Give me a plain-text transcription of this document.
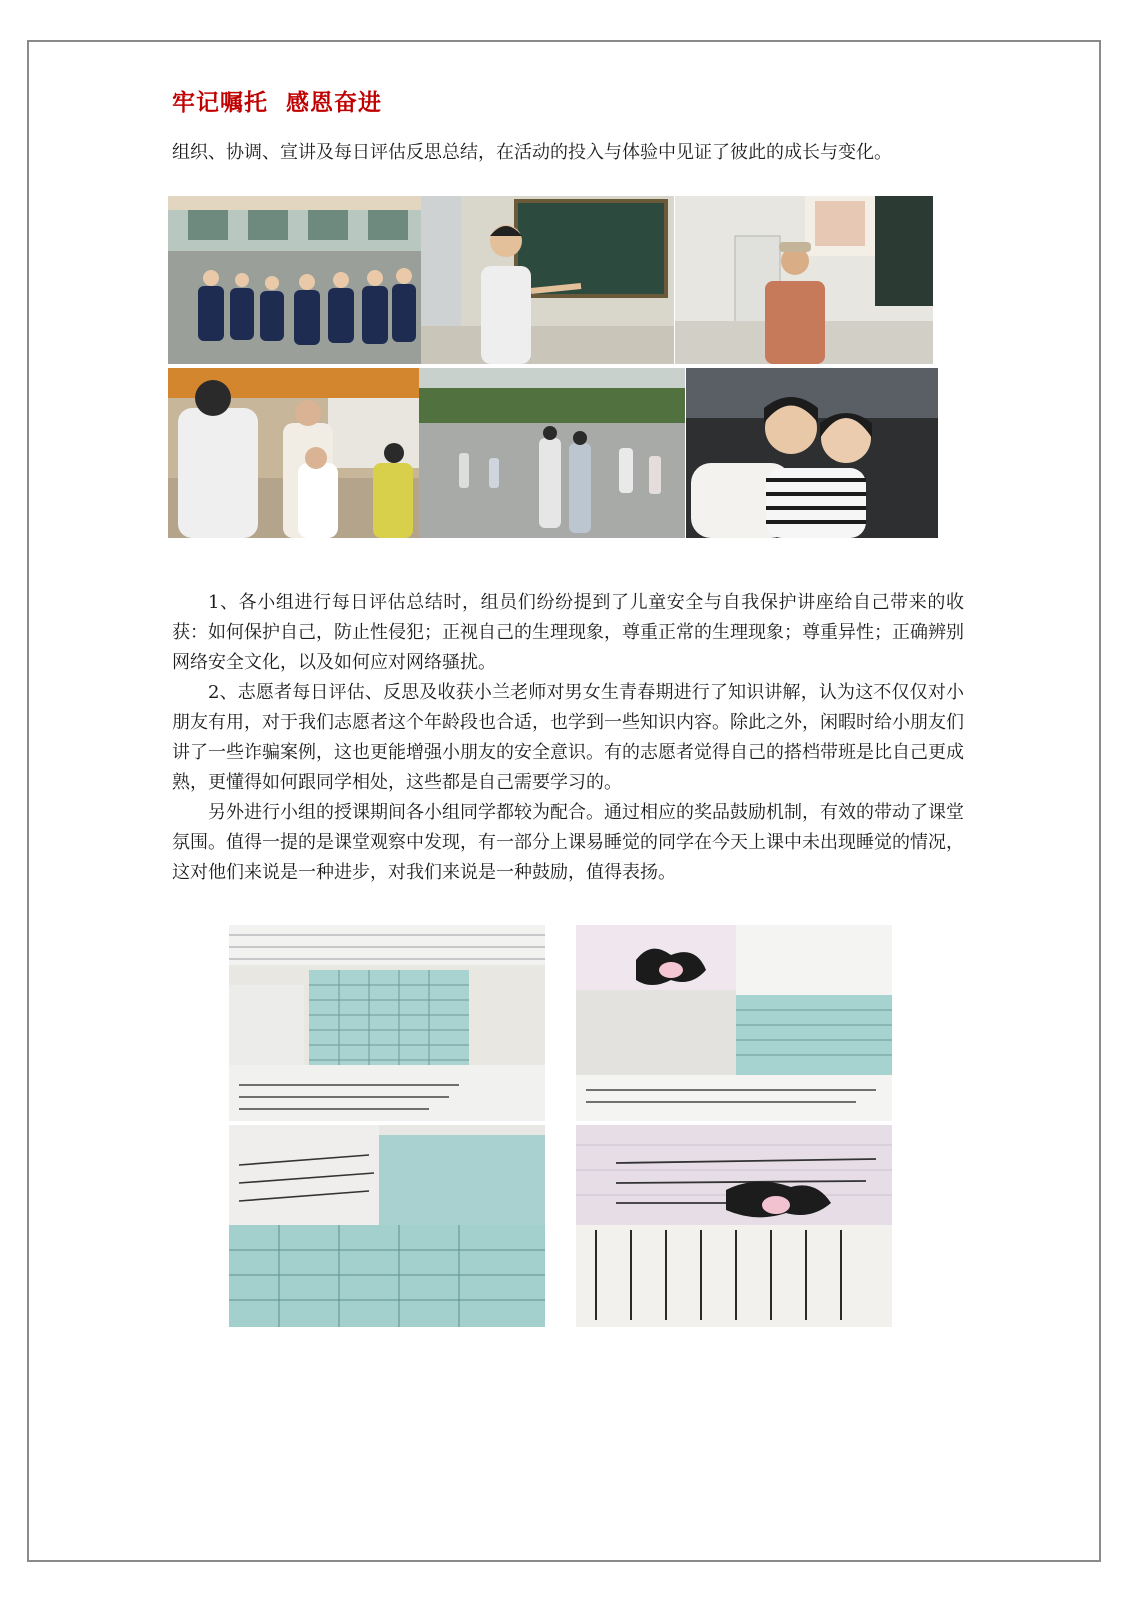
牢记嘱托  感恩奋进

组织、协调、宣讲及每日评估反思总结，在活动的投入与体验中见证了彼此的成长与变化。

1、各小组进行每日评估总结时，组员们纷纷提到了儿童安全与自我保护讲座给自己带来的收获：如何保护自己，防止性侵犯；正视自己的生理现象，尊重正常的生理现象；尊重异性；正确辨别网络安全文化，以及如何应对网络骚扰。

2、志愿者每日评估、反思及收获小兰老师对男女生青春期进行了知识讲解，认为这不仅仅对小朋友有用，对于我们志愿者这个年龄段也合适，也学到一些知识内容。除此之外，闲暇时给小朋友们讲了一些诈骗案例，这也更能增强小朋友的安全意识。有的志愿者觉得自己的搭档带班是比自己更成熟，更懂得如何跟同学相处，这些都是自己需要学习的。

另外进行小组的授课期间各小组同学都较为配合。通过相应的奖品鼓励机制，有效的带动了课堂氛围。值得一提的是课堂观察中发现，有一部分上课易睡觉的同学在今天上课中未出现睡觉的情况，这对他们来说是一种进步，对我们来说是一种鼓励，值得表扬。
